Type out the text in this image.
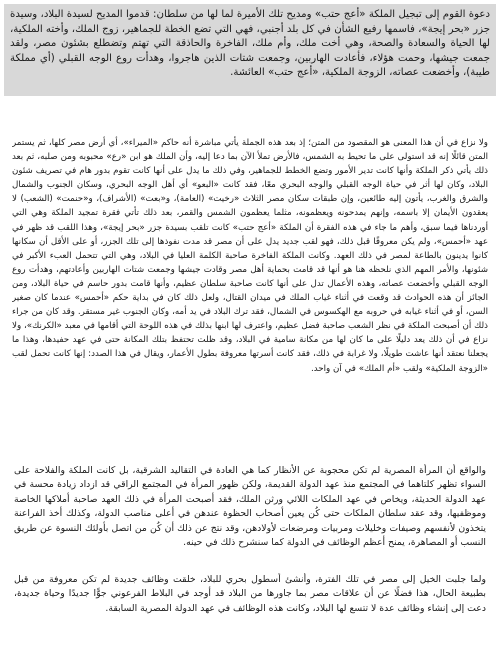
دعوة القوم إلى تبجيل الملكة «أعج حتب» ومديح تلك الأميرة لما لها من سلطان: قدموا المديح لسيدة البلاد، وسيدة جزر «بحر إيجة»، فاسمها رفيع الشأن في كل بلد أجنبي، فهي التي تضع الخطة للجماهير، زوج الملك، وأخته الملكية، لها الحياة والسعادة والصحة، وهي أخت ملك، وأم ملك، الفاخرة والحاذقة التي تهتم وتضطلع بشئون مصر، ولقد جمعت جيشها، وحمت هؤلاء، فأعادت الهاربين، وجمعت شتات الذين هاجروا، وهدأت روع الوجه القبلي (أي مملكة طيبة)، وأخضعت عصاته، الزوجة الملكية، «أعج حتب» العائشة.

ولا نزاع في أن هذا المعنى هو المقصود من المتن؛ إذ بعد هذه الجملة يأتي مباشرة أنه حاكم «الميراء»، أي أرض مصر كلها، ثم يستمر المتن قائلًا إنه قد استولى على ما تحيط به الشمس، فالأرض تملأ الآن بما دعا إليه، وأن الملك هو ابن «رع» محبوبه ومن صلبه، ثم بعد ذلك يأتي ذكر الملكة وأنها كانت تدير الأمور وتضع الخطط للجماهير، وفي ذلك ما يدل على أنها كانت تقوم بدور هام في تصريف شئون البلاد، وكان لها أثر في حياة الوجه القبلي والوجه البحري معًا، فقد كانت «البعو» أي أهل الوجه البحري، وسكان الجنوب والشمال والشرق والغرب، يأتون إليه طائعين، وإن طبقات سكان مصر الثلاث «رخيت» (العامة)، و«بعت» (الأشراف)، و«حنمت» (الشعب) لا يعقدون الأيمان إلا باسمه، وإنهم يمدحونه ويعظمونه، مثلما يعظمون الشمس والقمر، بعد ذلك تأتي فقرة تمجيد الملكة وهي التي أوردناها فيما سبق، وأهم ما جاء في هذه الفقرة أن الملكة «أعج حتب» كانت تلقب بسيدة جزر «بحر إيجة»، وهذا اللقب قد ظهر في عهد «أحمس»، ولم يكن معروفًا قبل ذلك، فهو لقب جديد يدل على أن مصر قد مدت نفوذها إلى تلك الجزر، أو على الأقل أن سكانها كانوا يدينون بالطاعة لمصر في ذلك العهد. وكانت الملكة الفاخرة صاحبة الكلمة العليا في البلاد، وهي التي تتحمل العبء الأكبر في شئونها، والأمر المهم الذي نلحظه هنا هو أنها قد قامت بحماية أهل مصر وقادت جيشها وجمعت شتات الهاربين وأعادتهم، وهدأت روع الوجه القبلي وأخضعت عصاته، وهذه الأعمال تدل على أنها كانت صاحبة سلطان عظيم، وأنها قامت بدور حاسم في حياة البلاد، ومن الجائز أن هذه الحوادث قد وقعت في أثناء غياب الملك في ميدان القتال، ولعل ذلك كان في بداية حكم «أحمس» عندما كان صغير السن، أو في أثناء غيابه في حروبه مع الهكسوس في الشمال، فقد ترك البلاد في يد أمه، وكان الجنوب غير مستقر. وقد كان من جراء ذلك أن أصبحت الملكة في نظر الشعب صاحبة فضل عظيم، واعترف لها ابنها بذلك في هذه اللوحة التي أقامها في معبد «الكرنك»، ولا نزاع في أن ذلك يعد دليلًا على ما كان لها من مكانة سامية في البلاد، وقد ظلت تحتفظ بتلك المكانة حتى في عهد حفيدها، وهذا ما يجعلنا نعتقد أنها عاشت طويلًا، ولا غرابة في ذلك، فقد كانت أسرتها معروفة بطول الأعمار، ويقال في هذا الصدد: إنها كانت تحمل لقب «الزوجة الملكية» ولقب «أم الملك» في آن واحد.

والواقع أن المرأة المصرية لم تكن محجوبة عن الأنظار كما هي العادة في التقاليد الشرقية، بل كانت الملكة والفلاحة على السواء تظهر كلتاهما في المجتمع منذ عهد الدولة القديمة، ولكن ظهور المرأة في المجتمع الراقي قد ازداد زيادة محسة في عهد الدولة الحديثة، ويخاص في عهد الملكات اللائي ورثن الملك، فقد أصبحت المرأة في ذلك العهد صاحبة أملاكها الخاصة وموظفيها، وقد عقد سلطان الملكات حتى كُن يعين أصحاب الحظوة عندهن في أعلى مناصب الدولة، وكذلك أخذ الفراعنة يتخذون لأنفسهم وصيفات وخليلات ومربيات ومرضعات لأولادهن، وقد نتج عن ذلك أن كُن من اتصل بأولئك النسوة عن طريق النسب أو المصاهرة، يمنح أعظم الوظائف في الدولة كما سنشرح ذلك في حينه.

ولما جلبت الخيل إلى مصر في تلك الفترة، وأنشئ أسطول بحري للبلاد، خلقت وظائف جديدة لم تكن معروفة من قبل بطبيعة الحال، هذا فضلًا عن أن علاقات مصر بما جاورها من البلاد قد أوجد في البلاط الفرعوني جوًّا جديدًا وحياة جديدة، دعت إلى إنشاء وظائف عدة لا تتسع لها البلاد، وكانت هذه الوظائف في عهد الدولة المصرية السابقة.
